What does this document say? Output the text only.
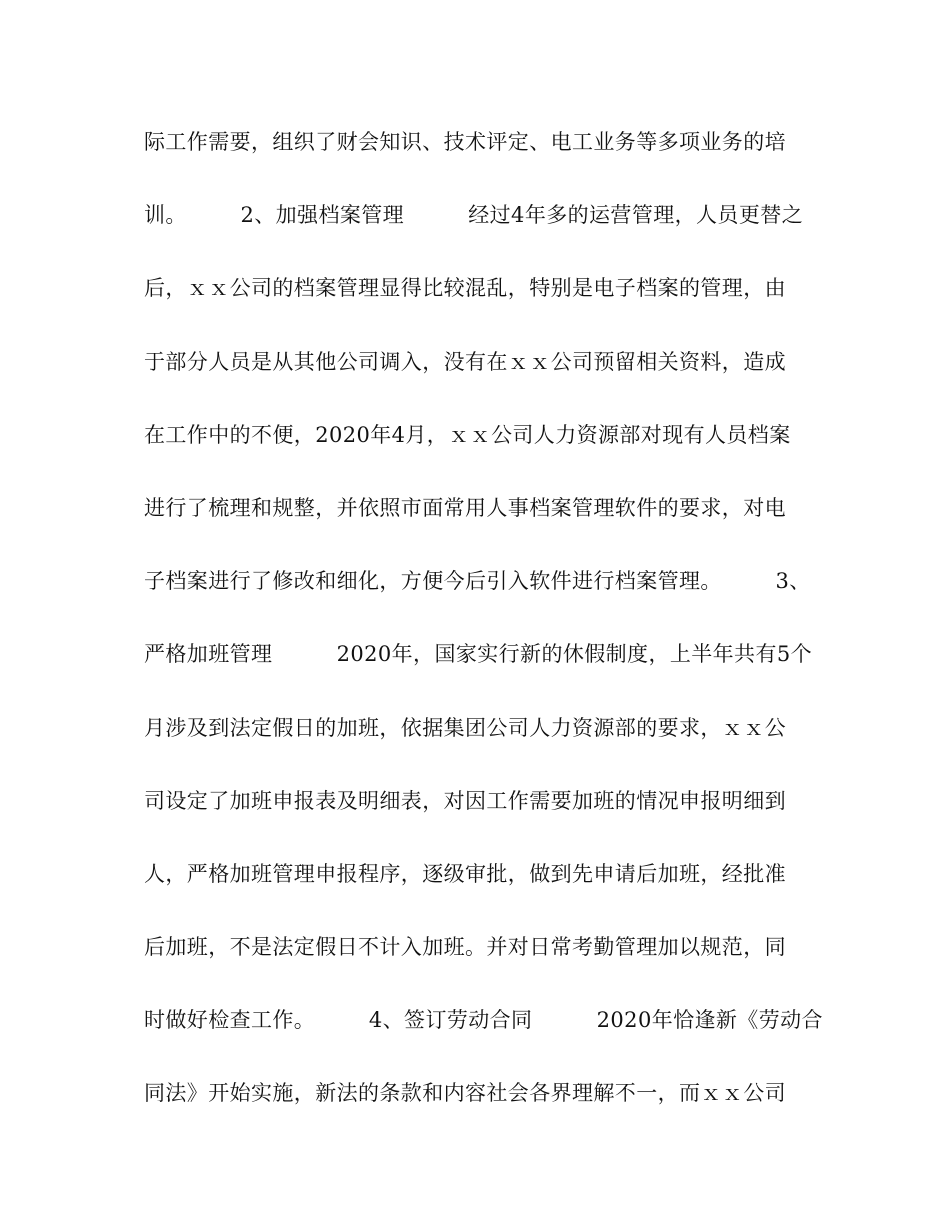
际工作需要，组织了财会知识、技术评定、电工业务等多项业务的培
训。　　　2、加强档案管理　　　经过4年多的运营管理，人员更替之
后，ｘｘ公司的档案管理显得比较混乱，特别是电子档案的管理，由
于部分人员是从其他公司调入，没有在ｘｘ公司预留相关资料，造成
在工作中的不便，2020年4月，ｘｘ公司人力资源部对现有人员档案
进行了梳理和规整，并依照市面常用人事档案管理软件的要求，对电
子档案进行了修改和细化，方便今后引入软件进行档案管理。　　　3、
严格加班管理　　　2020年，国家实行新的休假制度，上半年共有5个
月涉及到法定假日的加班，依据集团公司人力资源部的要求，ｘｘ公
司设定了加班申报表及明细表，对因工作需要加班的情况申报明细到
人，严格加班管理申报程序，逐级审批，做到先申请后加班，经批准
后加班，不是法定假日不计入加班。并对日常考勤管理加以规范，同
时做好检查工作。　　　4、签订劳动合同　　　2020年恰逢新《劳动合
同法》开始实施，新法的条款和内容社会各界理解不一，而ｘｘ公司
